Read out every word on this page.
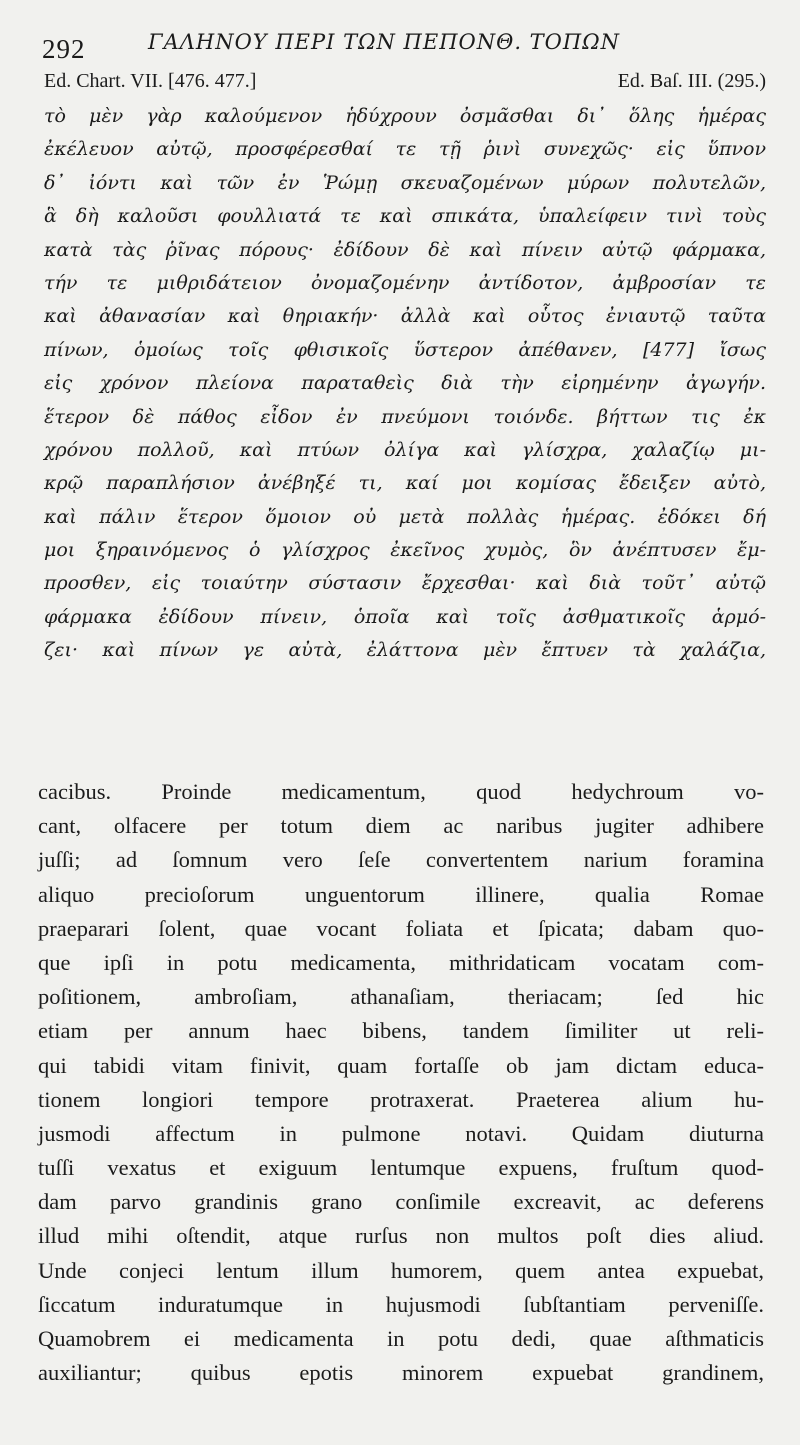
292	ΓΑΛΗΝΟΥ ΠΕΡΙ ΤΩΝ ΠΕΠΟΝΘ. ΤΟΠΩΝ
Ed. Chart. VII. [476. 477.]	Ed. Baſ. III. (295.)
τὸ μὲν γὰρ καλούμενον ἡδύχρουν ὀσμᾶσθαι δι᾽ ὅλης ἡμέρας
ἐκέλευον αὐτῷ, προσφέρεσθαί τε τῇ ῥινὶ συνεχῶς· εἰς ὕπνον
δ᾽ ἰόντι καὶ τῶν ἐν Ῥώμῃ σκευαζομένων μύρων πολυτελῶν,
ἃ δὴ καλοῦσι φουλλιατά τε καὶ σπικάτα, ὑπαλείφειν τινὶ τοὺς
κατὰ τὰς ῥῖνας πόρους· ἐδίδουν δὲ καὶ πίνειν αὐτῷ φάρμακα,
τήν τε μιθριδάτειον ὀνομαζομένην ἀντίδοτον, ἀμβροσίαν τε
καὶ ἀθανασίαν καὶ θηριακήν· ἀλλὰ καὶ οὗτος ἐνιαυτῷ ταῦτα
πίνων, ὁμοίως τοῖς φθισικοῖς ὕστερον ἀπέθανεν, [477] ἴσως
εἰς χρόνον πλείονα παραταθεὶς διὰ τὴν εἰρημένην ἀγωγήν.
ἕτερον δὲ πάθος εἶδον ἐν πνεύμονι τοιόνδε. βήττων τις ἐκ
χρόνου πολλοῦ, καὶ πτύων ὀλίγα καὶ γλίσχρα, χαλαζίῳ μι-
κρῷ παραπλήσιον ἀνέβηξέ τι, καί μοι κομίσας ἔδειξεν αὐτὸ,
καὶ πάλιν ἕτερον ὅμοιον οὐ μετὰ πολλὰς ἡμέρας. ἐδόκει δή
μοι ξηραινόμενος ὁ γλίσχρος ἐκεῖνος χυμὸς, ὃν ἀνέπτυσεν ἔμ-
προσθεν, εἰς τοιαύτην σύστασιν ἔρχεσθαι· καὶ διὰ τοῦτ᾽ αὐτῷ
φάρμακα ἐδίδουν πίνειν, ὁποῖα καὶ τοῖς ἀσθματικοῖς ἁρμό-
ζει· καὶ πίνων γε αὐτὰ, ἐλάττονα μὲν ἔπτυεν τὰ χαλάζια,
cacibus. Proinde medicamentum, quod hedychroum vo-
cant, olfacere per totum diem ac naribus jugiter adhibere
juſſi; ad ſomnum vero ſeſe convertentem narium foramina
aliquo precioſorum unguentorum illinere, qualia Romae
praeparari ſolent, quae vocant foliata et ſpicata; dabam quo-
que ipſi in potu medicamenta, mithridaticam vocatam com-
poſitionem, ambroſiam, athanaſiam, theriacam; ſed hic
etiam per annum haec bibens, tandem ſimiliter ut reli-
qui tabidi vitam finivit, quam fortaſſe ob jam dictam educa-
tionem longiori tempore protraxerat. Praeterea alium hu-
jusmodi affectum in pulmone notavi. Quidam diuturna
tuſſi vexatus et exiguum lentumque expuens, fruſtum quod-
dam parvo grandinis grano conſimile excreavit, ac deferens
illud mihi oſtendit, atque rurſus non multos poſt dies aliud.
Unde conjeci lentum illum humorem, quem antea expuebat,
ſiccatum induratumque in hujusmodi ſubſtantiam perveniſſe.
Quamobrem ei medicamenta in potu dedi, quae aſthmaticis
auxiliantur; quibus epotis minorem expuebat grandinem,
